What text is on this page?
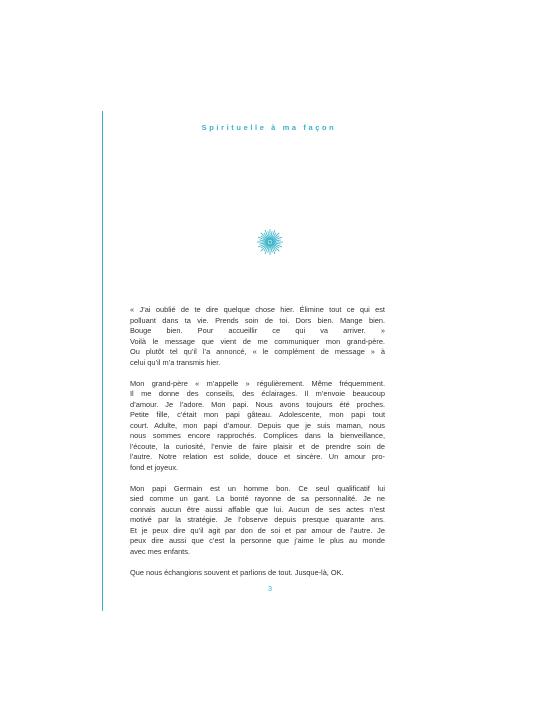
Spirituelle à ma façon

« J’ai oublié de te dire quelque chose hier. Élimine tout ce qui est
polluant dans ta vie. Prends soin de toi. Dors bien. Mange bien.
Bouge bien. Pour accueillir ce qui va arriver. »
Voilà le message que vient de me communiquer mon grand-père.
Ou plutôt tel qu’il l’a annoncé, « le complément de message » à
celui qu’il m’a transmis hier.

Mon grand-père « m’appelle » régulièrement. Même fréquemment.
Il me donne des conseils, des éclairages. Il m’envoie beaucoup
d’amour. Je l’adore. Mon papi. Nous avons toujours été proches.
Petite fille, c’était mon papi gâteau. Adolescente, mon papi tout
court. Adulte, mon papi d’amour. Depuis que je suis maman, nous
nous sommes encore rapprochés. Complices dans la bienveillance,
l’écoute, la curiosité, l’envie de faire plaisir et de prendre soin de
l’autre. Notre relation est solide, douce et sincère. Un amour pro-
fond et joyeux.

Mon papi Germain est un homme bon. Ce seul qualificatif lui
sied comme un gant. La bonté rayonne de sa personnalité. Je ne
connais aucun être aussi affable que lui. Aucun de ses actes n’est
motivé par la stratégie. Je l’observe depuis presque quarante ans.
Et je peux dire qu’il agit par don de soi et par amour de l’autre. Je
peux dire aussi que c’est la personne que j’aime le plus au monde
avec mes enfants.

Que nous échangions souvent et parlions de tout. Jusque-là, OK.

3
